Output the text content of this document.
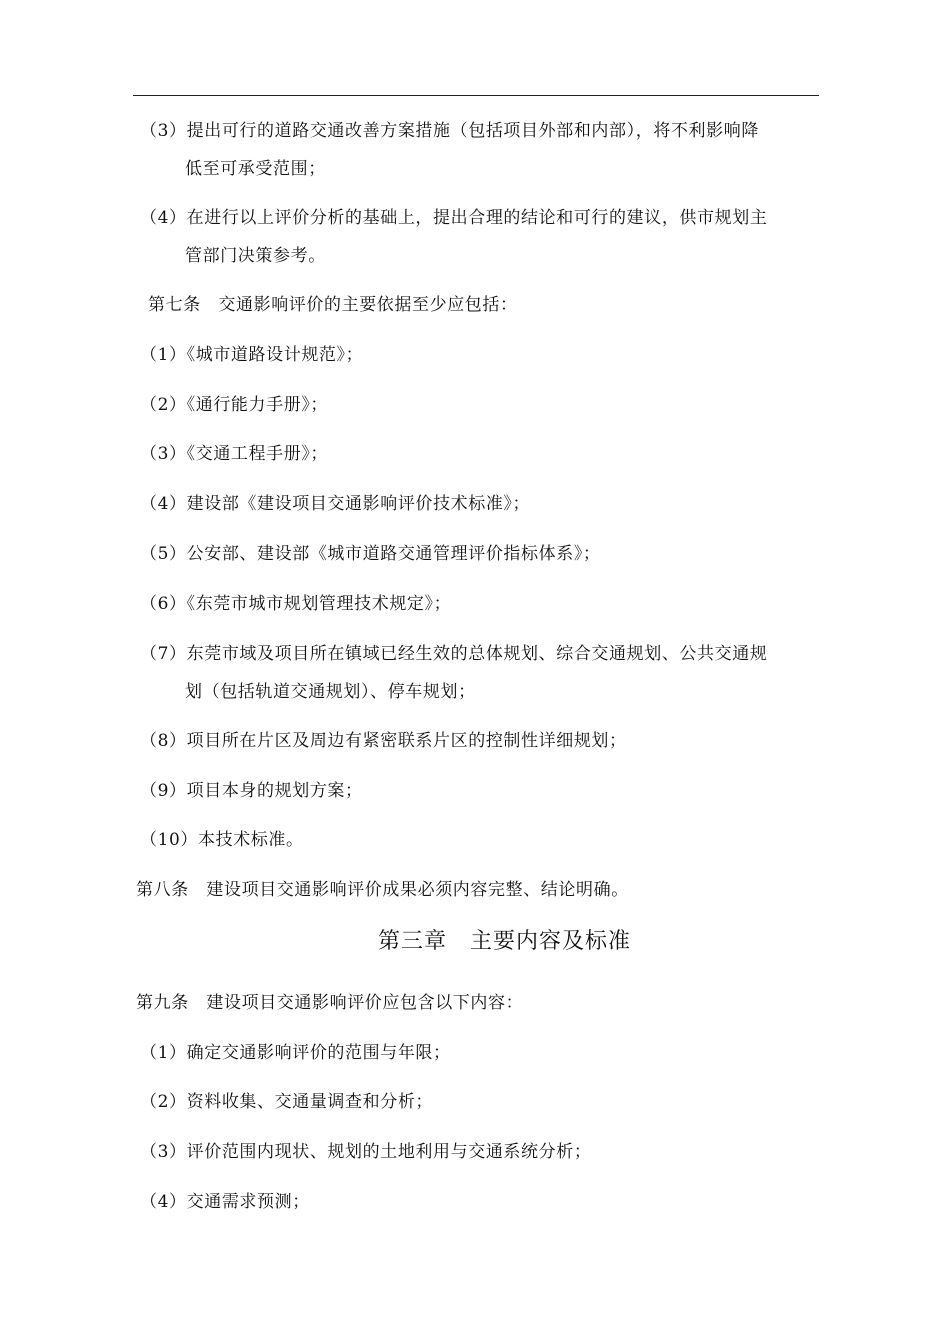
（3）提出可行的道路交通改善方案措施（包括项目外部和内部），将不利影响降
低至可承受范围；
（4）在进行以上评价分析的基础上，提出合理的结论和可行的建议，供市规划主
管部门决策参考。
第七条　交通影响评价的主要依据至少应包括：
（1）《城市道路设计规范》；
（2）《通行能力手册》；
（3）《交通工程手册》；
（4）建设部《建设项目交通影响评价技术标准》；
（5）公安部、建设部《城市道路交通管理评价指标体系》；
（6）《东莞市城市规划管理技术规定》；
（7）东莞市域及项目所在镇域已经生效的总体规划、综合交通规划、公共交通规
划（包括轨道交通规划）、停车规划；
（8）项目所在片区及周边有紧密联系片区的控制性详细规划；
（9）项目本身的规划方案；
（10）本技术标准。
第八条　建设项目交通影响评价成果必须内容完整、结论明确。
第三章　主要内容及标准
第九条　建设项目交通影响评价应包含以下内容：
（1）确定交通影响评价的范围与年限；
（2）资料收集、交通量调查和分析；
（3）评价范围内现状、规划的土地利用与交通系统分析；
（4）交通需求预测；
